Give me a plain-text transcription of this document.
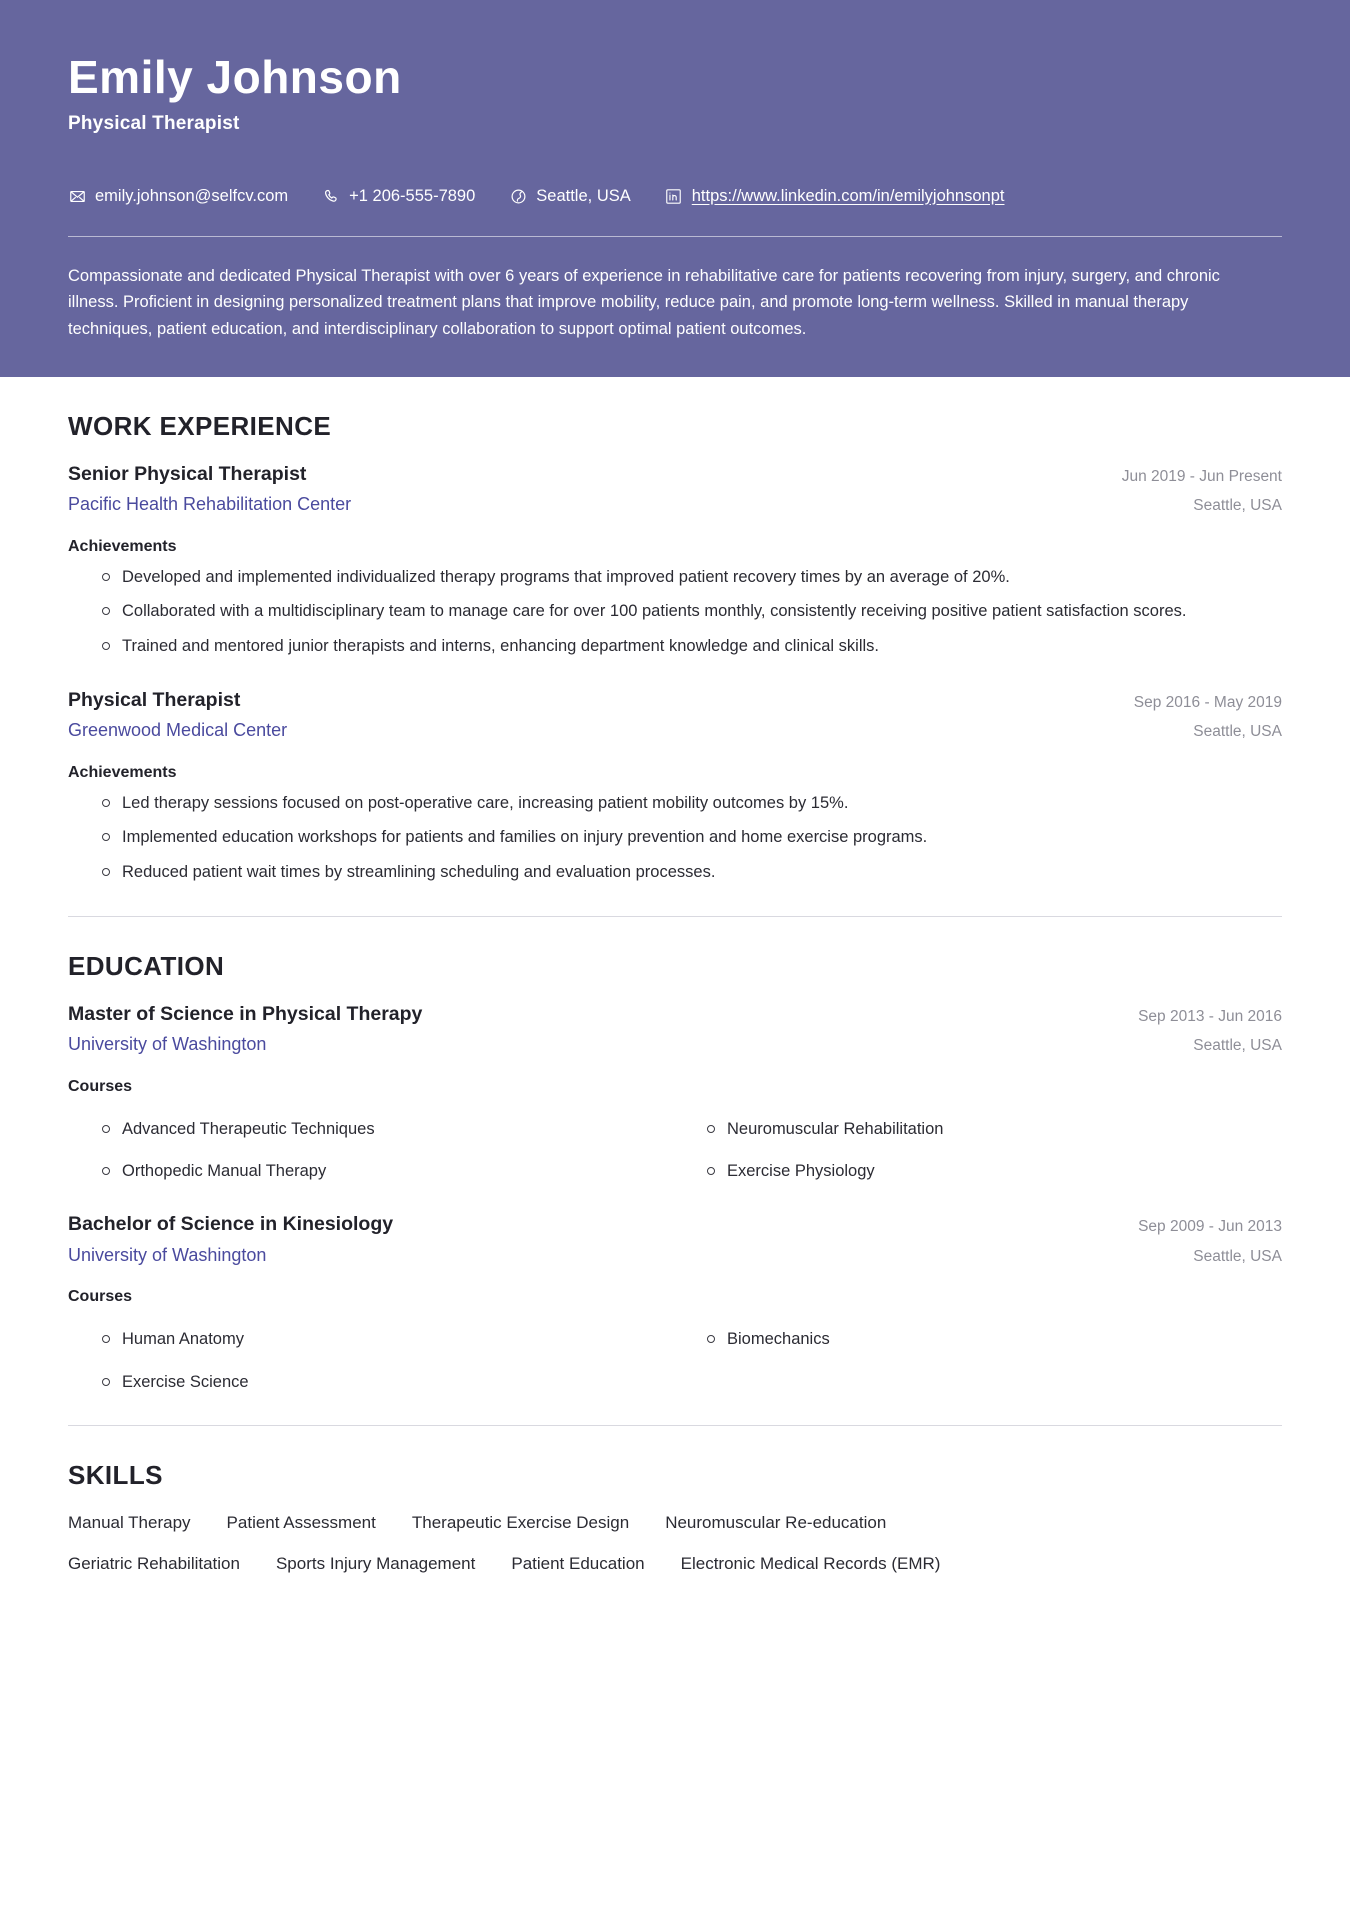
Emily Johnson
Physical Therapist
emily.johnson@selfcv.com	+1 206-555-7890	Seattle, USA	https://www.linkedin.com/in/emilyjohnsonpt
Compassionate and dedicated Physical Therapist with over 6 years of experience in rehabilitative care for patients recovering from injury, surgery, and chronic illness. Proficient in designing personalized treatment plans that improve mobility, reduce pain, and promote long-term wellness. Skilled in manual therapy techniques, patient education, and interdisciplinary collaboration to support optimal patient outcomes.
WORK EXPERIENCE
Senior Physical Therapist
Pacific Health Rehabilitation Center
Jun 2019 - Jun Present
Seattle, USA
Achievements
Developed and implemented individualized therapy programs that improved patient recovery times by an average of 20%.
Collaborated with a multidisciplinary team to manage care for over 100 patients monthly, consistently receiving positive patient satisfaction scores.
Trained and mentored junior therapists and interns, enhancing department knowledge and clinical skills.
Physical Therapist
Greenwood Medical Center
Sep 2016 - May 2019
Seattle, USA
Achievements
Led therapy sessions focused on post-operative care, increasing patient mobility outcomes by 15%.
Implemented education workshops for patients and families on injury prevention and home exercise programs.
Reduced patient wait times by streamlining scheduling and evaluation processes.
EDUCATION
Master of Science in Physical Therapy
University of Washington
Sep 2013 - Jun 2016
Seattle, USA
Courses
Advanced Therapeutic Techniques	Neuromuscular Rehabilitation
Orthopedic Manual Therapy	Exercise Physiology
Bachelor of Science in Kinesiology
University of Washington
Sep 2009 - Jun 2013
Seattle, USA
Courses
Human Anatomy	Biomechanics
Exercise Science
SKILLS
Manual Therapy Patient Assessment Therapeutic Exercise Design Neuromuscular Re-education
Geriatric Rehabilitation Sports Injury Management Patient Education Electronic Medical Records (EMR)
